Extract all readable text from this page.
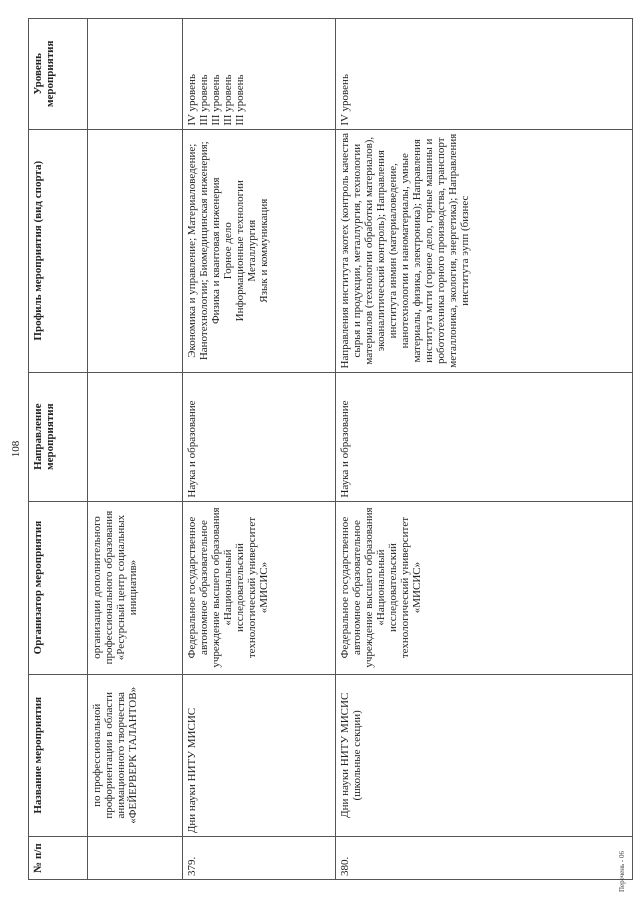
108
№ п/п	Название мероприятия	Организатор мероприятия	Направление мероприятия	Профиль мероприятия (вид спорта)	Уровень мероприятия
	по профессиональной профориентации в области анимационного творчества «ФЕЙЕРВЕРК ТАЛАНТОВ»	организации дополнительного профессионального образования «Ресурсный центр социальных инициатив»			
379.	Дни науки НИТУ МИСИС	Федеральное государственное автономное образовательное учреждение высшего образования «Национальный исследовательский технологический университет «МИСИС»	Наука и образование	Экономика и управление; Материаловедение; Нанотехнологии; Биомедицинская инженерия; Физика и квантовая инженерия Горное дело Информационные технологии Металлургия Язык и коммуникация	IV уровень III уровень III уровень III уровень III уровень

380.	Дни науки НИТУ МИСИС (школьные секции)	Федеральное государственное автономное образовательное учреждение высшего образования «Национальный исследовательский технологический университет «МИСИС»	Наука и образование	Направления института экотех (контроль качества сырья и продукции, металлургия, технологии материалов (технологии обработки материалов), экоаналитический контроль); Направления института инмин (материаловедение, нанотехнологии и наноматериалы, умные материалы, физика, электроника); Направления института мгти (горное дело, горные машины и робототехника горного производства, транспорт металлоника, экология, энергетика); Направления института эупп (бизнес	IV уровень
Перечень - 06
